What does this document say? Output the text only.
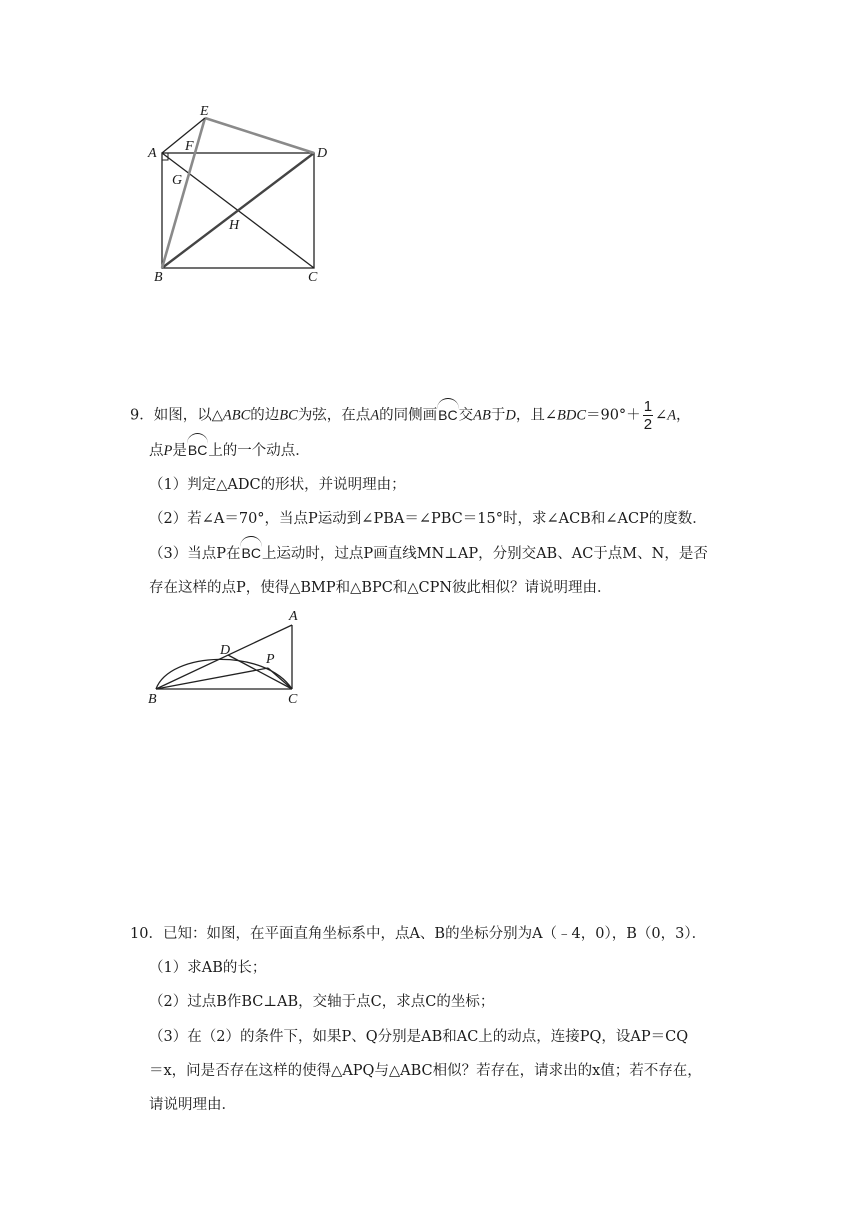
E
A F	D
G
H
B	C
9．如图，以△ABC的边BC为弦，在点A的同侧画BC交AB于D，且∠BDC＝90°＋ $\frac{1}{2}$ ∠A，
点P是BC上的一个动点．
（1）判定△ADC的形状，并说明理由；
（2）若∠A＝70°，当点P运动到∠PBA＝∠PBC＝15°时，求∠ACB和∠ACP的度数．
（3）当点P在BC上运动时，过点P画直线MN⊥AP，分别交AB、AC于点M、N，是否
存在这样的点P，使得△BMP和△BPC和△CPN彼此相似？请说明理由．
A
D
P
B	C
10．已知：如图，在平面直角坐标系中，点A、B的坐标分别为A（﹣4，0），B（0，3）．
（1）求AB的长；
（2）过点B作BC⊥AB，交轴于点C，求点C的坐标；
（3）在（2）的条件下，如果P、Q分别是AB和AC上的动点，连接PQ，设AP＝CQ
＝x，问是否存在这样的使得△APQ与△ABC相似？若存在，请求出的x值；若不存在，
请说明理由．
